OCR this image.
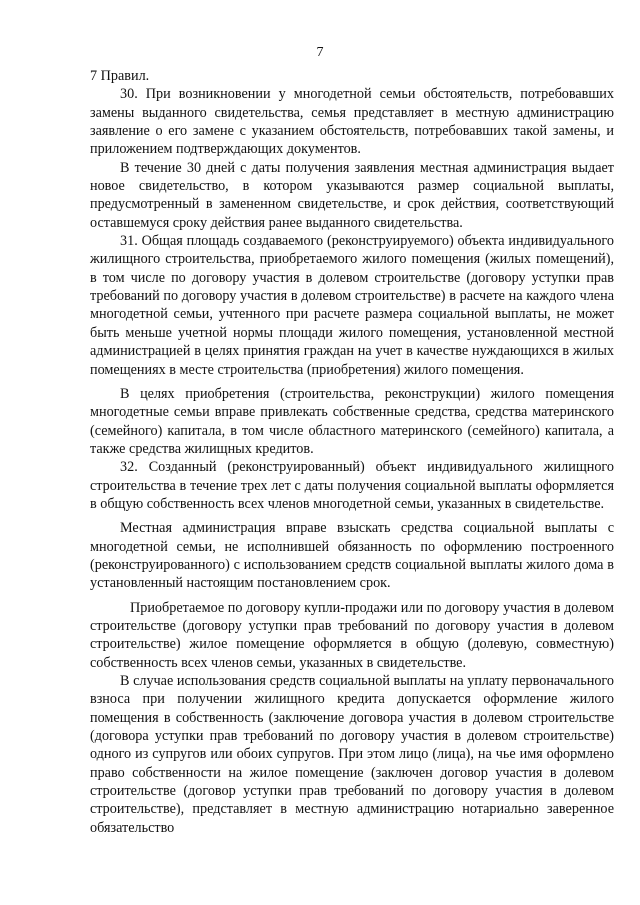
7

7 Правил.

30. При возникновении у многодетной семьи обстоятельств, потребовавших замены выданного свидетельства, семья представляет в местную администрацию заявление о его замене с указанием обстоятельств, потребовавших такой замены, и приложением подтверждающих документов.

В течение 30 дней с даты получения заявления местная администрация выдает новое свидетельство, в котором указываются размер социальной выплаты, предусмотренный в замененном свидетельстве, и срок действия, соответствующий оставшемуся сроку действия ранее выданного свидетельства.

31. Общая площадь создаваемого (реконструируемого) объекта индивидуального жилищного строительства, приобретаемого жилого помещения (жилых помещений), в том числе по договору участия в долевом строительстве (договору уступки прав требований по договору участия в долевом строительстве) в расчете на каждого члена многодетной семьи, учтенного при расчете размера социальной выплаты, не может быть меньше учетной нормы площади жилого помещения, установленной местной администрацией в целях принятия граждан на учет в качестве нуждающихся в жилых помещениях в месте строительства (приобретения) жилого помещения.

В целях приобретения (строительства, реконструкции) жилого помещения многодетные семьи вправе привлекать собственные средства, средства материнского (семейного) капитала, в том числе областного материнского (семейного) капитала, а также средства жилищных кредитов.

32. Созданный (реконструированный) объект индивидуального жилищного строительства в течение трех лет с даты получения социальной выплаты оформляется в общую собственность всех членов многодетной семьи, указанных в свидетельстве.

Местная администрация вправе взыскать средства социальной выплаты с многодетной семьи, не исполнившей обязанность по оформлению построенного (реконструированного) с использованием средств социальной выплаты жилого дома в установленный настоящим постановлением срок.

Приобретаемое по договору купли-продажи или по договору участия в долевом строительстве (договору уступки прав требований по договору участия в долевом строительстве) жилое помещение оформляется в общую (долевую, совместную) собственность всех членов семьи, указанных в свидетельстве.

В случае использования средств социальной выплаты на уплату первоначального взноса при получении жилищного кредита допускается оформление жилого помещения в собственность (заключение договора участия в долевом строительстве (договора уступки прав требований по договору участия в долевом строительстве) одного из супругов или обоих супругов. При этом лицо (лица), на чье имя оформлено право собственности на жилое помещение (заключен договор участия в долевом строительстве (договор уступки прав требований по договору участия в долевом строительстве), представляет в местную администрацию нотариально заверенное обязательство
